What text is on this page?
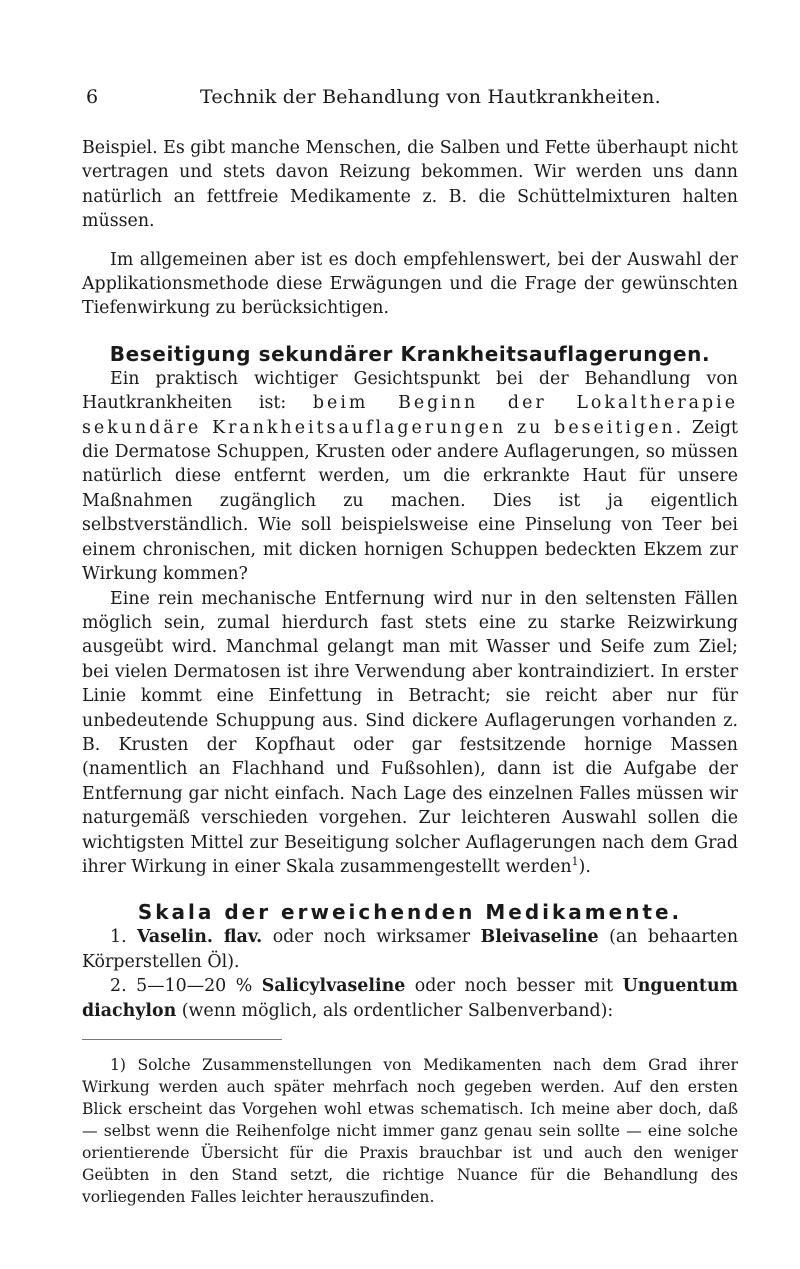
6	Technik der Behandlung von Hautkrankheiten.

Beispiel. Es gibt manche Menschen, die Salben und Fette überhaupt nicht vertragen und stets davon Reizung bekommen. Wir werden uns dann natürlich an fettfreie Medikamente z. B. die Schüttelmixturen halten müssen.

Im allgemeinen aber ist es doch empfehlenswert, bei der Auswahl der Applikationsmethode diese Erwägungen und die Frage der gewünschten Tiefenwirkung zu berücksichtigen.

Beseitigung sekundärer Krankheitsauflagerungen.

Ein praktisch wichtiger Gesichtspunkt bei der Behandlung von Hautkrankheiten ist: beim Beginn der Lokaltherapie sekundäre Krankheitsauflagerungen zu beseitigen. Zeigt die Dermatose Schuppen, Krusten oder andere Auflagerungen, so müssen natürlich diese entfernt werden, um die erkrankte Haut für unsere Maßnahmen zugänglich zu machen. Dies ist ja eigentlich selbstverständlich. Wie soll beispielsweise eine Pinselung von Teer bei einem chronischen, mit dicken hornigen Schuppen bedeckten Ekzem zur Wirkung kommen?

Eine rein mechanische Entfernung wird nur in den seltensten Fällen möglich sein, zumal hierdurch fast stets eine zu starke Reizwirkung ausgeübt wird. Manchmal gelangt man mit Wasser und Seife zum Ziel; bei vielen Dermatosen ist ihre Verwendung aber kontraindiziert. In erster Linie kommt eine Einfettung in Betracht; sie reicht aber nur für unbedeutende Schuppung aus. Sind dickere Auflagerungen vorhanden z. B. Krusten der Kopfhaut oder gar festsitzende hornige Massen (namentlich an Flachhand und Fußsohlen), dann ist die Aufgabe der Entfernung gar nicht einfach. Nach Lage des einzelnen Falles müssen wir naturgemäß verschieden vorgehen. Zur leichteren Auswahl sollen die wichtigsten Mittel zur Beseitigung solcher Auflagerungen nach dem Grad ihrer Wirkung in einer Skala zusammengestellt werden$^1$).

Skala der erweichenden Medikamente.

1. Vaselin. flav. oder noch wirksamer Bleivaseline (an behaarten Körperstellen Öl).

2. 5—10—20 % Salicylvaseline oder noch besser mit Unguentum diachylon (wenn möglich, als ordentlicher Salbenverband):

1) Solche Zusammenstellungen von Medikamenten nach dem Grad ihrer Wirkung werden auch später mehrfach noch gegeben werden. Auf den ersten Blick erscheint das Vorgehen wohl etwas schematisch. Ich meine aber doch, daß — selbst wenn die Reihenfolge nicht immer ganz genau sein sollte — eine solche orientierende Übersicht für die Praxis brauchbar ist und auch den weniger Geübten in den Stand setzt, die richtige Nuance für die Behandlung des vorliegenden Falles leichter herauszufinden.
